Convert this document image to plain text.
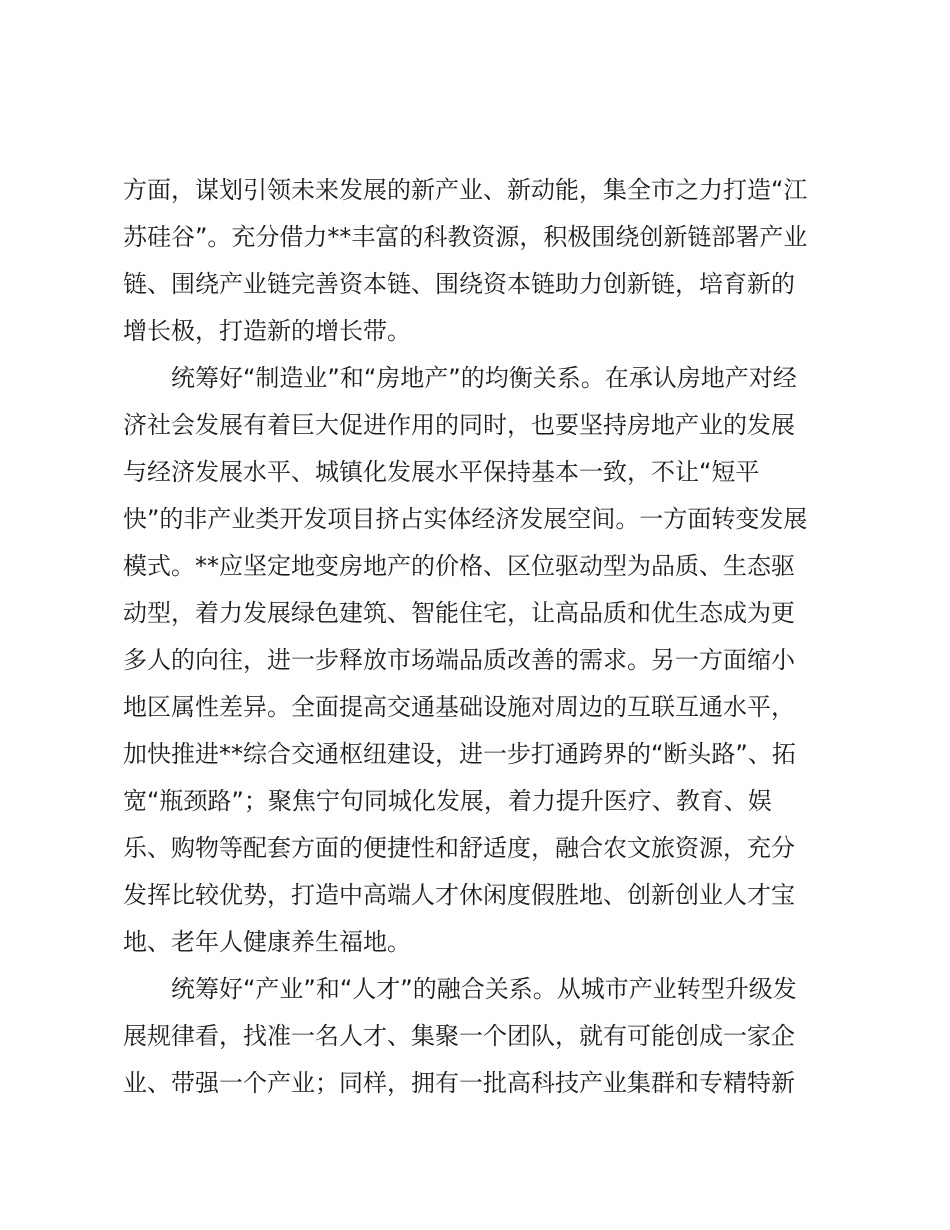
方面，谋划引领未来发展的新产业、新动能，集全市之力打造“江
苏硅谷”。充分借力**丰富的科教资源，积极围绕创新链部署产业
链、围绕产业链完善资本链、围绕资本链助力创新链，培育新的
增长极，打造新的增长带。
统筹好“制造业”和“房地产”的均衡关系。在承认房地产对经
济社会发展有着巨大促进作用的同时，也要坚持房地产业的发展
与经济发展水平、城镇化发展水平保持基本一致，不让“短平
快”的非产业类开发项目挤占实体经济发展空间。一方面转变发展
模式。**应坚定地变房地产的价格、区位驱动型为品质、生态驱
动型，着力发展绿色建筑、智能住宅，让高品质和优生态成为更
多人的向往，进一步释放市场端品质改善的需求。另一方面缩小
地区属性差异。全面提高交通基础设施对周边的互联互通水平，
加快推进**综合交通枢纽建设，进一步打通跨界的“断头路”、拓
宽“瓶颈路”；聚焦宁句同城化发展，着力提升医疗、教育、娱
乐、购物等配套方面的便捷性和舒适度，融合农文旅资源，充分
发挥比较优势，打造中高端人才休闲度假胜地、创新创业人才宝
地、老年人健康养生福地。
统筹好“产业”和“人才”的融合关系。从城市产业转型升级发
展规律看，找准一名人才、集聚一个团队，就有可能创成一家企
业、带强一个产业；同样，拥有一批高科技产业集群和专精特新
